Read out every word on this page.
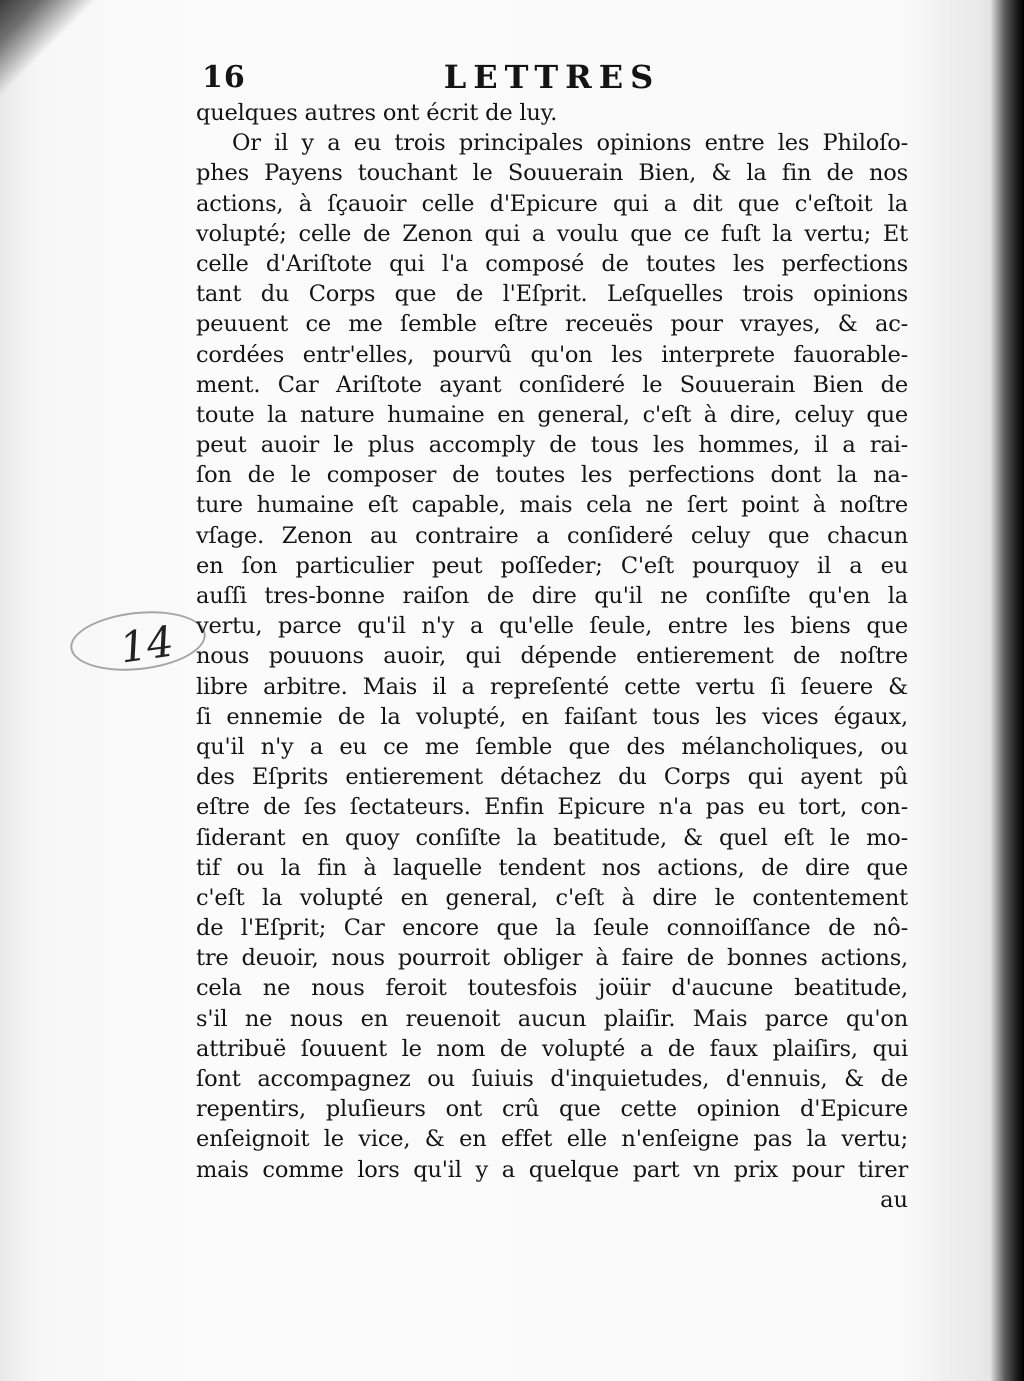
14
16	LETTRES
quelques autres ont écrit de luy.
Or il y a eu trois principales opinions entre les Philoſo-
phes Payens touchant le Souuerain Bien, & la fin de nos
actions, à ſçauoir celle d'Epicure qui a dit que c'eſtoit la
volupté; celle de Zenon qui a voulu que ce fuſt la vertu; Et
celle d'Ariſtote qui l'a composé de toutes les perfections
tant du Corps que de l'Eſprit. Leſquelles trois opinions
peuuent ce me ſemble eſtre receuës pour vrayes, & ac-
cordées entr'elles, pourvû qu'on les interprete fauorable-
ment. Car Ariſtote ayant conſideré le Souuerain Bien de
toute la nature humaine en general, c'eſt à dire, celuy que
peut auoir le plus accomply de tous les hommes, il a rai-
ſon de le composer de toutes les perfections dont la na-
ture humaine eſt capable, mais cela ne ſert point à noſtre
vſage. Zenon au contraire a conſideré celuy que chacun
en ſon particulier peut poſſeder; C'eſt pourquoy il a eu
auſſi tres-bonne raiſon de dire qu'il ne conſiſte qu'en la
vertu, parce qu'il n'y a qu'elle ſeule, entre les biens que
nous pouuons auoir, qui dépende entierement de noſtre
libre arbitre. Mais il a repreſenté cette vertu ſi ſeuere &
ſi ennemie de la volupté, en faiſant tous les vices égaux,
qu'il n'y a eu ce me ſemble que des mélancholiques, ou
des Eſprits entierement détachez du Corps qui ayent pû
eſtre de ſes ſectateurs. Enfin Epicure n'a pas eu tort, con-
ſiderant en quoy conſiſte la beatitude, & quel eſt le mo-
tif ou la fin à laquelle tendent nos actions, de dire que
c'eſt la volupté en general, c'eſt à dire le contentement
de l'Eſprit; Car encore que la ſeule connoiſſance de nô-
tre deuoir, nous pourroit obliger à faire de bonnes actions,
cela ne nous feroit toutesfois joüir d'aucune beatitude,
s'il ne nous en reuenoit aucun plaiſir. Mais parce qu'on
attribuë ſouuent le nom de volupté a de faux plaiſirs, qui
ſont accompagnez ou ſuiuis d'inquietudes, d'ennuis, & de
repentirs, pluſieurs ont crû que cette opinion d'Epicure
enſeignoit le vice, & en effet elle n'enſeigne pas la vertu;
mais comme lors qu'il y a quelque part vn prix pour tirer
au
